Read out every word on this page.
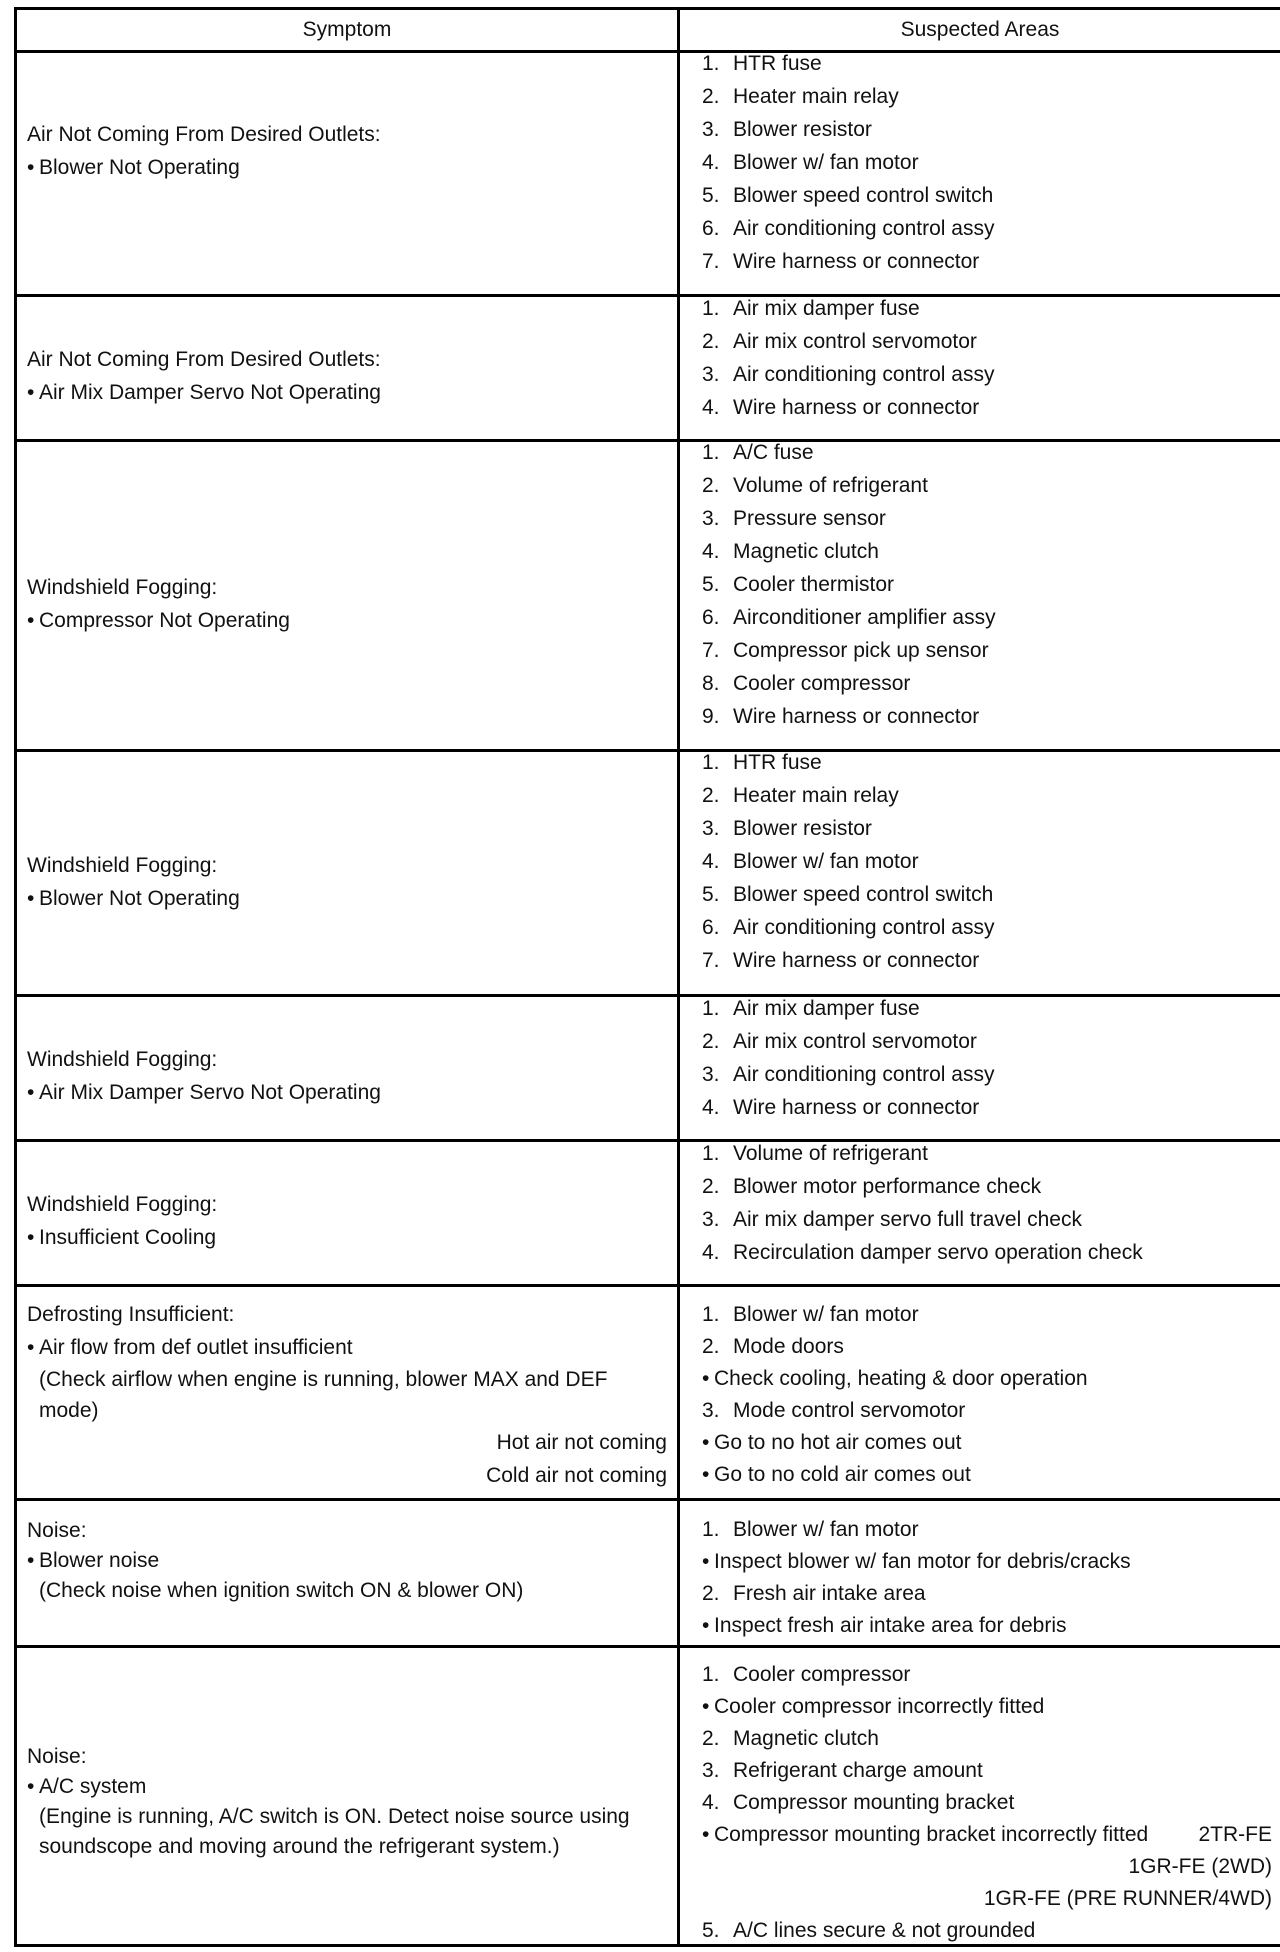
Symptom	Suspected Areas
Air Not Coming From Desired Outlets:
• Blower Not Operating
1. HTR fuse
2. Heater main relay
3. Blower resistor
4. Blower w/ fan motor
5. Blower speed control switch
6. Air conditioning control assy
7. Wire harness or connector
Air Not Coming From Desired Outlets:
• Air Mix Damper Servo Not Operating
1. Air mix damper fuse
2. Air mix control servomotor
3. Air conditioning control assy
4. Wire harness or connector
Windshield Fogging:
• Compressor Not Operating
1. A/C fuse
2. Volume of refrigerant
3. Pressure sensor
4. Magnetic clutch
5. Cooler thermistor
6. Airconditioner amplifier assy
7. Compressor pick up sensor
8. Cooler compressor
9. Wire harness or connector
Windshield Fogging:
• Blower Not Operating
1. HTR fuse
2. Heater main relay
3. Blower resistor
4. Blower w/ fan motor
5. Blower speed control switch
6. Air conditioning control assy
7. Wire harness or connector
Windshield Fogging:
• Air Mix Damper Servo Not Operating
1. Air mix damper fuse
2. Air mix control servomotor
3. Air conditioning control assy
4. Wire harness or connector
Windshield Fogging:
• Insufficient Cooling
1. Volume of refrigerant
2. Blower motor performance check
3. Air mix damper servo full travel check
4. Recirculation damper servo operation check
Defrosting Insufficient:
• Air flow from def outlet insufficient
(Check airflow when engine is running, blower MAX and DEF mode)
Hot air not coming
Cold air not coming
1. Blower w/ fan motor
2. Mode doors
• Check cooling, heating & door operation
3. Mode control servomotor
• Go to no hot air comes out
• Go to no cold air comes out
Noise:
• Blower noise
(Check noise when ignition switch ON & blower ON)
1. Blower w/ fan motor
• Inspect blower w/ fan motor for debris/cracks
2. Fresh air intake area
• Inspect fresh air intake area for debris
Noise:
• A/C system
(Engine is running, A/C switch is ON. Detect noise source using soundscope and moving around the refrigerant system.)
1. Cooler compressor
• Cooler compressor incorrectly fitted
2. Magnetic clutch
3. Refrigerant charge amount
4. Compressor mounting bracket
• Compressor mounting bracket incorrectly fitted 2TR-FE
1GR-FE (2WD)
1GR-FE (PRE RUNNER/4WD)
5. A/C lines secure & not grounded
